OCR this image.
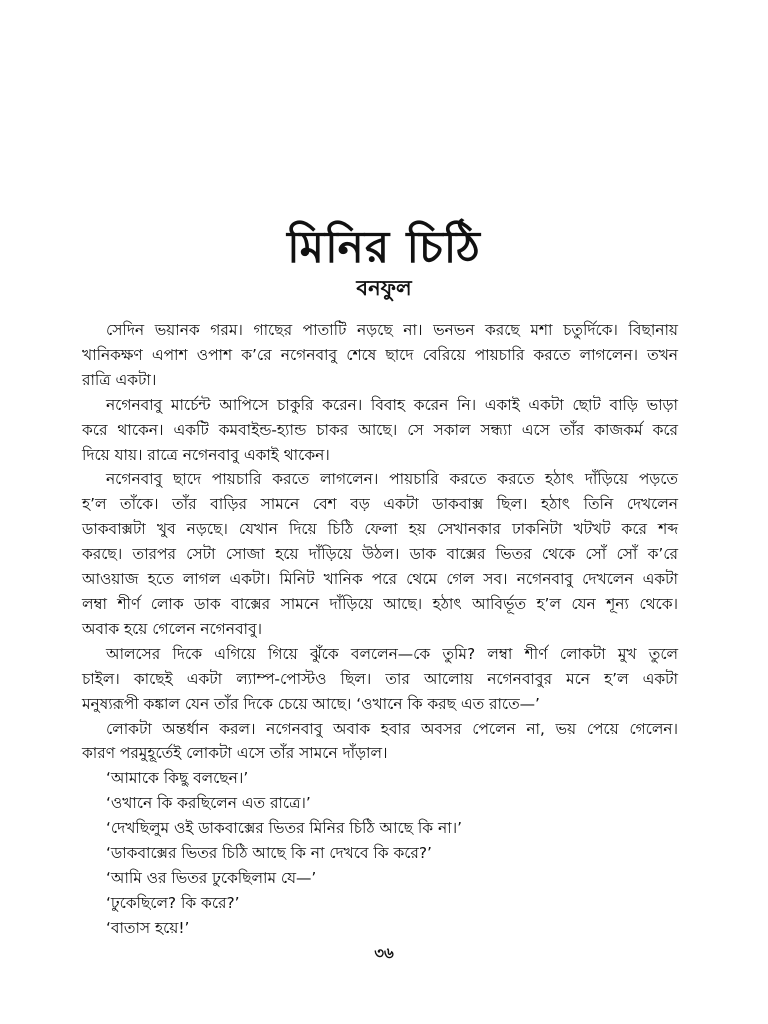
মিনির চিঠি
বনফুল

সেদিন ভয়ানক গরম। গাছের পাতাটি নড়ছে না। ভনভন করছে মশা চতুর্দিকে। বিছানায়
খানিকক্ষণ এপাশ ওপাশ ক’রে নগেনবাবু শেষে ছাদে বেরিয়ে পায়চারি করতে লাগলেন। তখন
রাত্রি একটা।

নগেনবাবু মার্চেন্ট আপিসে চাকুরি করেন। বিবাহ করেন নি। একাই একটা ছোট বাড়ি ভাড়া
করে থাকেন। একটি কমবাইন্ড-হ্যান্ড চাকর আছে। সে সকাল সন্ধ্যা এসে তাঁর কাজকর্ম করে
দিয়ে যায়। রাত্রে নগেনবাবু একাই থাকেন।

নগেনবাবু ছাদে পায়চারি করতে লাগলেন। পায়চারি করতে করতে হঠাৎ দাঁড়িয়ে পড়তে
হ’ল তাঁকে। তাঁর বাড়ির সামনে বেশ বড় একটা ডাকবাক্স ছিল। হঠাৎ তিনি দেখলেন
ডাকবাক্সটা খুব নড়ছে। যেখান দিয়ে চিঠি ফেলা হয় সেখানকার ঢাকনিটা খটখট করে শব্দ
করছে। তারপর সেটা সোজা হয়ে দাঁড়িয়ে উঠল। ডাক বাক্সের ভিতর থেকে সোঁ সোঁ ক’রে
আওয়াজ হতে লাগল একটা। মিনিট খানিক পরে থেমে গেল সব। নগেনবাবু দেখলেন একটা
লম্বা শীর্ণ লোক ডাক বাক্সের সামনে দাঁড়িয়ে আছে। হঠাৎ আবির্ভূত হ’ল যেন শূন্য থেকে।
অবাক হয়ে গেলেন নগেনবাবু।

আলসের দিকে এগিয়ে গিয়ে ঝুঁকে বললেন—কে তুমি? লম্বা শীর্ণ লোকটা মুখ তুলে
চাইল। কাছেই একটা ল্যাম্প-পোস্টও ছিল। তার আলোয় নগেনবাবুর মনে হ’ল একটা
মনুষ্যরূপী কঙ্কাল যেন তাঁর দিকে চেয়ে আছে। ‘ওখানে কি করছ এত রাতে—’

লোকটা অন্তর্ধান করল। নগেনবাবু অবাক হবার অবসর পেলেন না, ভয় পেয়ে গেলেন।
কারণ পরমুহূর্তেই লোকটা এসে তাঁর সামনে দাঁড়াল।

‘আমাকে কিছু বলছেন।’

‘ওখানে কি করছিলেন এত রাত্রে।’

‘দেখছিলুম ওই ডাকবাক্সের ভিতর মিনির চিঠি আছে কি না।’

‘ডাকবাক্সের ভিতর চিঠি আছে কি না দেখবে কি করে?’

‘আমি ওর ভিতর ঢুকেছিলাম যে—’

‘ঢুকেছিলে? কি করে?’

‘বাতাস হয়ে!’

৩৬
